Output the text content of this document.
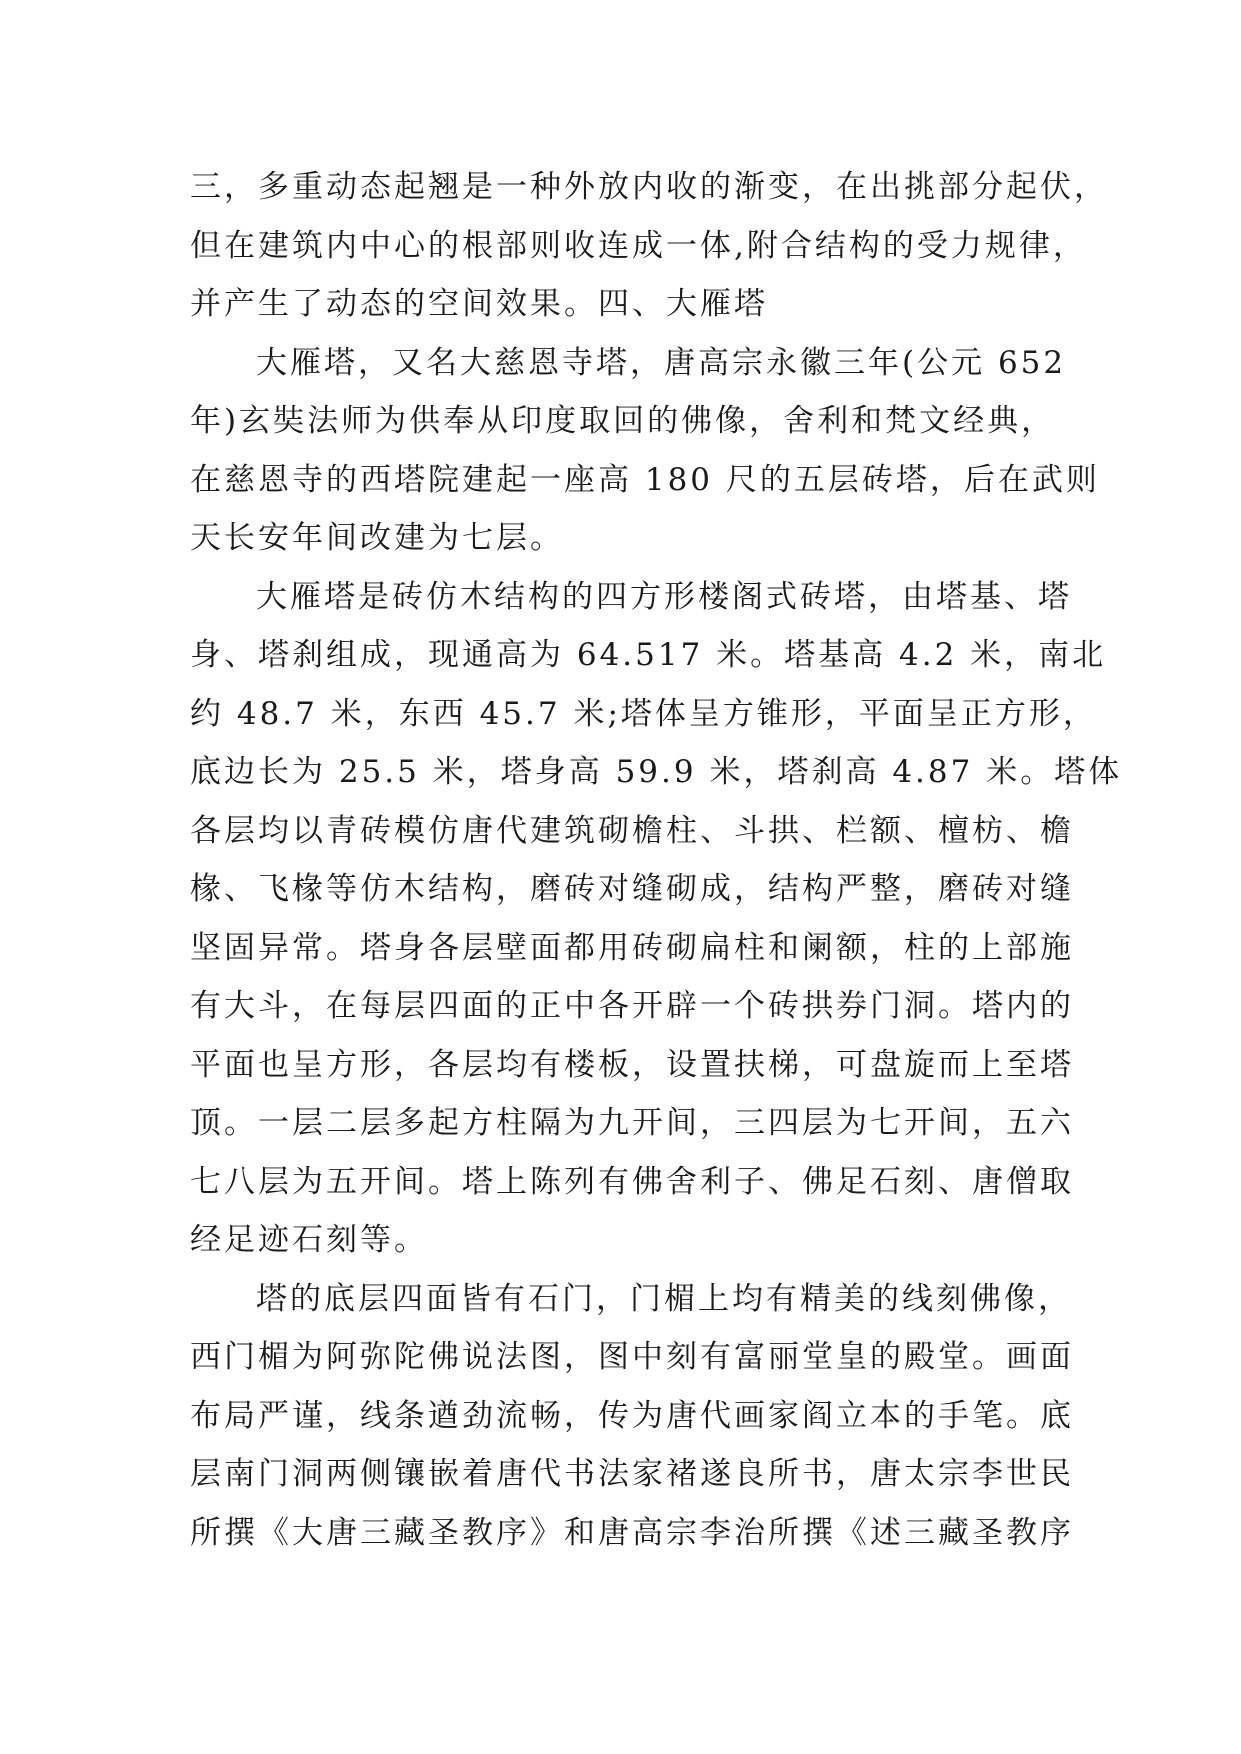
三，多重动态起翘是一种外放内收的渐变，在出挑部分起伏，
但在建筑内中心的根部则收连成一体,附合结构的受力规律，
并产生了动态的空间效果。四、大雁塔
大雁塔，又名大慈恩寺塔，唐高宗永徽三年(公元 652
年)玄奘法师为供奉从印度取回的佛像，舍利和梵文经典，
在慈恩寺的西塔院建起一座高 180 尺的五层砖塔，后在武则
天长安年间改建为七层。
大雁塔是砖仿木结构的四方形楼阁式砖塔，由塔基、塔
身、塔刹组成，现通高为 64.517 米。塔基高 4.2 米，南北
约 48.7 米，东西 45.7 米;塔体呈方锥形，平面呈正方形，
底边长为 25.5 米，塔身高 59.9 米，塔刹高 4.87 米。塔体
各层均以青砖模仿唐代建筑砌檐柱、斗拱、栏额、檀枋、檐
椽、飞椽等仿木结构，磨砖对缝砌成，结构严整，磨砖对缝
坚固异常。塔身各层壁面都用砖砌扁柱和阑额，柱的上部施
有大斗，在每层四面的正中各开辟一个砖拱券门洞。塔内的
平面也呈方形，各层均有楼板，设置扶梯，可盘旋而上至塔
顶。一层二层多起方柱隔为九开间，三四层为七开间，五六
七八层为五开间。塔上陈列有佛舍利子、佛足石刻、唐僧取
经足迹石刻等。
塔的底层四面皆有石门，门楣上均有精美的线刻佛像，
西门楣为阿弥陀佛说法图，图中刻有富丽堂皇的殿堂。画面
布局严谨，线条遒劲流畅，传为唐代画家阎立本的手笔。底
层南门洞两侧镶嵌着唐代书法家褚遂良所书，唐太宗李世民
所撰《大唐三藏圣教序》和唐高宗李治所撰《述三藏圣教序
